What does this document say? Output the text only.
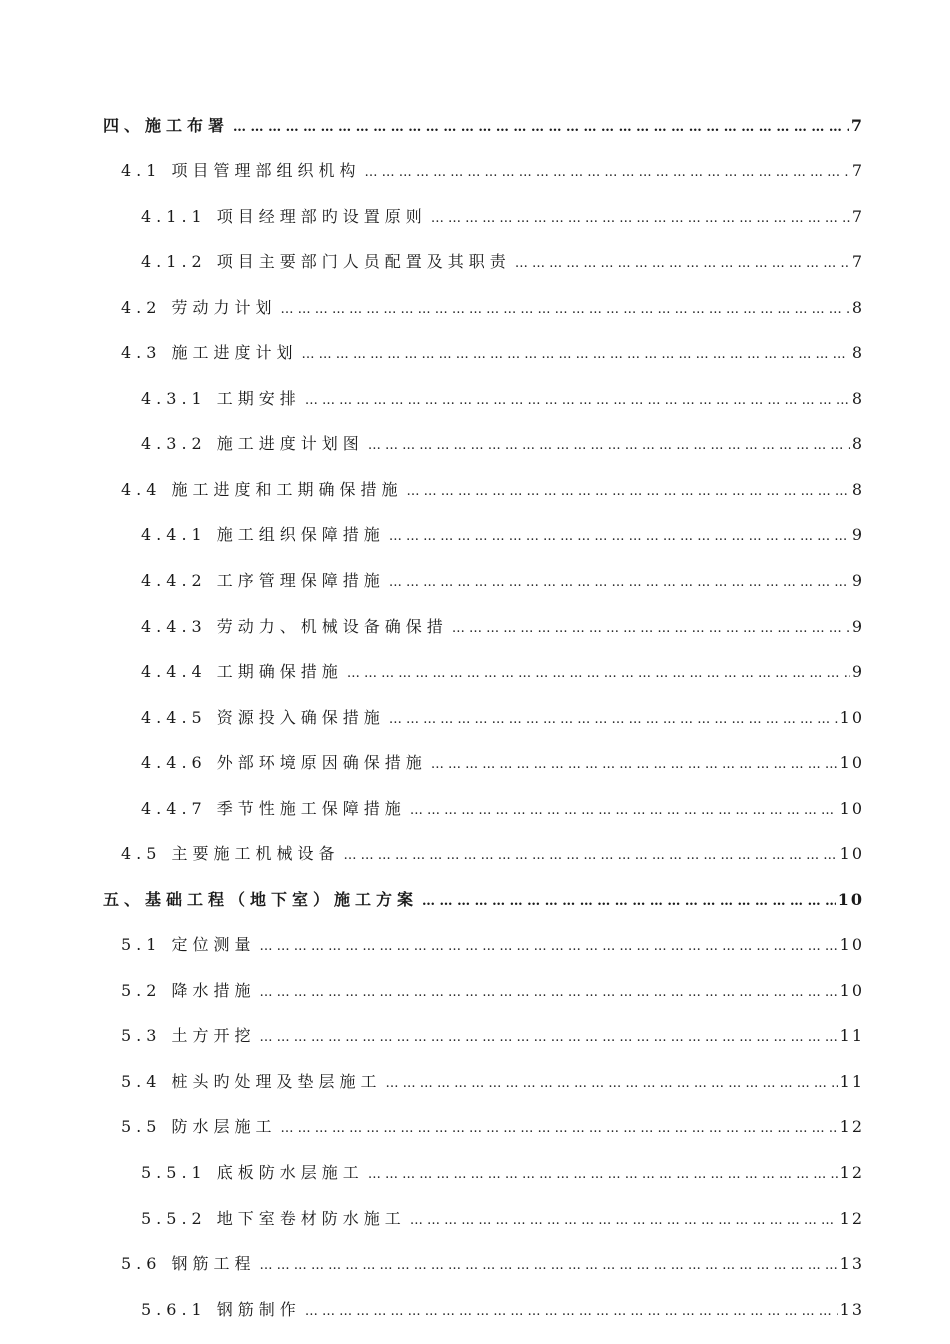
四、施工布署 … … … … … … … … … … … … … … … … … … … … … … … … … … … … … … … … … … … … … … … … … … … … … … … … … … … … … … … … … …	7
4.1 项目管理部组织机构 … … … … … … … … … … … … … … … … … … … … … … … … … … … … … … … … … … … … … … … … … … … … … … … … … … … … … … … … … …	7
4.1.1 项目经理部旳设置原则 … … … … … … … … … … … … … … … … … … … … … … … … … … … … … … … … … … … … … … … … … … … … … … … … … … … … … … … … … …	7
4.1.2 项目主要部门人员配置及其职责 … … … … … … … … … … … … … … … … … … … … … … … … … … … … … … … … … … … … … … … … … … … … … … … … … … … … … … … … … …	7
4.2 劳动力计划 … … … … … … … … … … … … … … … … … … … … … … … … … … … … … … … … … … … … … … … … … … … … … … … … … … … … … … … … … …	8
4.3 施工进度计划 … … … … … … … … … … … … … … … … … … … … … … … … … … … … … … … … … … … … … … … … … … … … … … … … … … … … … … … … … …	8
4.3.1 工期安排 … … … … … … … … … … … … … … … … … … … … … … … … … … … … … … … … … … … … … … … … … … … … … … … … … … … … … … … … … …	8
4.3.2 施工进度计划图 … … … … … … … … … … … … … … … … … … … … … … … … … … … … … … … … … … … … … … … … … … … … … … … … … … … … … … … … … …	8
4.4 施工进度和工期确保措施 … … … … … … … … … … … … … … … … … … … … … … … … … … … … … … … … … … … … … … … … … … … … … … … … … … … … … … … … … …	8
4.4.1 施工组织保障措施 … … … … … … … … … … … … … … … … … … … … … … … … … … … … … … … … … … … … … … … … … … … … … … … … … … … … … … … … … …	9
4.4.2 工序管理保障措施 … … … … … … … … … … … … … … … … … … … … … … … … … … … … … … … … … … … … … … … … … … … … … … … … … … … … … … … … … …	9
4.4.3 劳动力、机械设备确保措 … … … … … … … … … … … … … … … … … … … … … … … … … … … … … … … … … … … … … … … … … … … … … … … … … … … … … … … … … …	9
4.4.4 工期确保措施 … … … … … … … … … … … … … … … … … … … … … … … … … … … … … … … … … … … … … … … … … … … … … … … … … … … … … … … … … …	9
4.4.5 资源投入确保措施 … … … … … … … … … … … … … … … … … … … … … … … … … … … … … … … … … … … … … … … … … … … … … … … … … … … … … … … … … …	10
4.4.6 外部环境原因确保措施 … … … … … … … … … … … … … … … … … … … … … … … … … … … … … … … … … … … … … … … … … … … … … … … … … … … … … … … … … …	10
4.4.7 季节性施工保障措施 … … … … … … … … … … … … … … … … … … … … … … … … … … … … … … … … … … … … … … … … … … … … … … … … … … … … … … … … … …	10
4.5 主要施工机械设备 … … … … … … … … … … … … … … … … … … … … … … … … … … … … … … … … … … … … … … … … … … … … … … … … … … … … … … … … … …	10
五、基础工程（地下室）施工方案 … … … … … … … … … … … … … … … … … … … … … … … … … … … … … … … … … … … … … … … … … … … … … … … … … … … … … … … … … …	10
5.1 定位测量 … … … … … … … … … … … … … … … … … … … … … … … … … … … … … … … … … … … … … … … … … … … … … … … … … … … … … … … … … …	10
5.2 降水措施 … … … … … … … … … … … … … … … … … … … … … … … … … … … … … … … … … … … … … … … … … … … … … … … … … … … … … … … … … …	10
5.3 土方开挖 … … … … … … … … … … … … … … … … … … … … … … … … … … … … … … … … … … … … … … … … … … … … … … … … … … … … … … … … … …	11
5.4 桩头旳处理及垫层施工 … … … … … … … … … … … … … … … … … … … … … … … … … … … … … … … … … … … … … … … … … … … … … … … … … … … … … … … … … …	11
5.5 防水层施工 … … … … … … … … … … … … … … … … … … … … … … … … … … … … … … … … … … … … … … … … … … … … … … … … … … … … … … … … … …	12
5.5.1 底板防水层施工 … … … … … … … … … … … … … … … … … … … … … … … … … … … … … … … … … … … … … … … … … … … … … … … … … … … … … … … … … …	12
5.5.2 地下室卷材防水施工 … … … … … … … … … … … … … … … … … … … … … … … … … … … … … … … … … … … … … … … … … … … … … … … … … … … … … … … … … …	12
5.6 钢筋工程 … … … … … … … … … … … … … … … … … … … … … … … … … … … … … … … … … … … … … … … … … … … … … … … … … … … … … … … … … …	13
5.6.1 钢筋制作 … … … … … … … … … … … … … … … … … … … … … … … … … … … … … … … … … … … … … … … … … … … … … … … … … … … … … … … … … …	13
